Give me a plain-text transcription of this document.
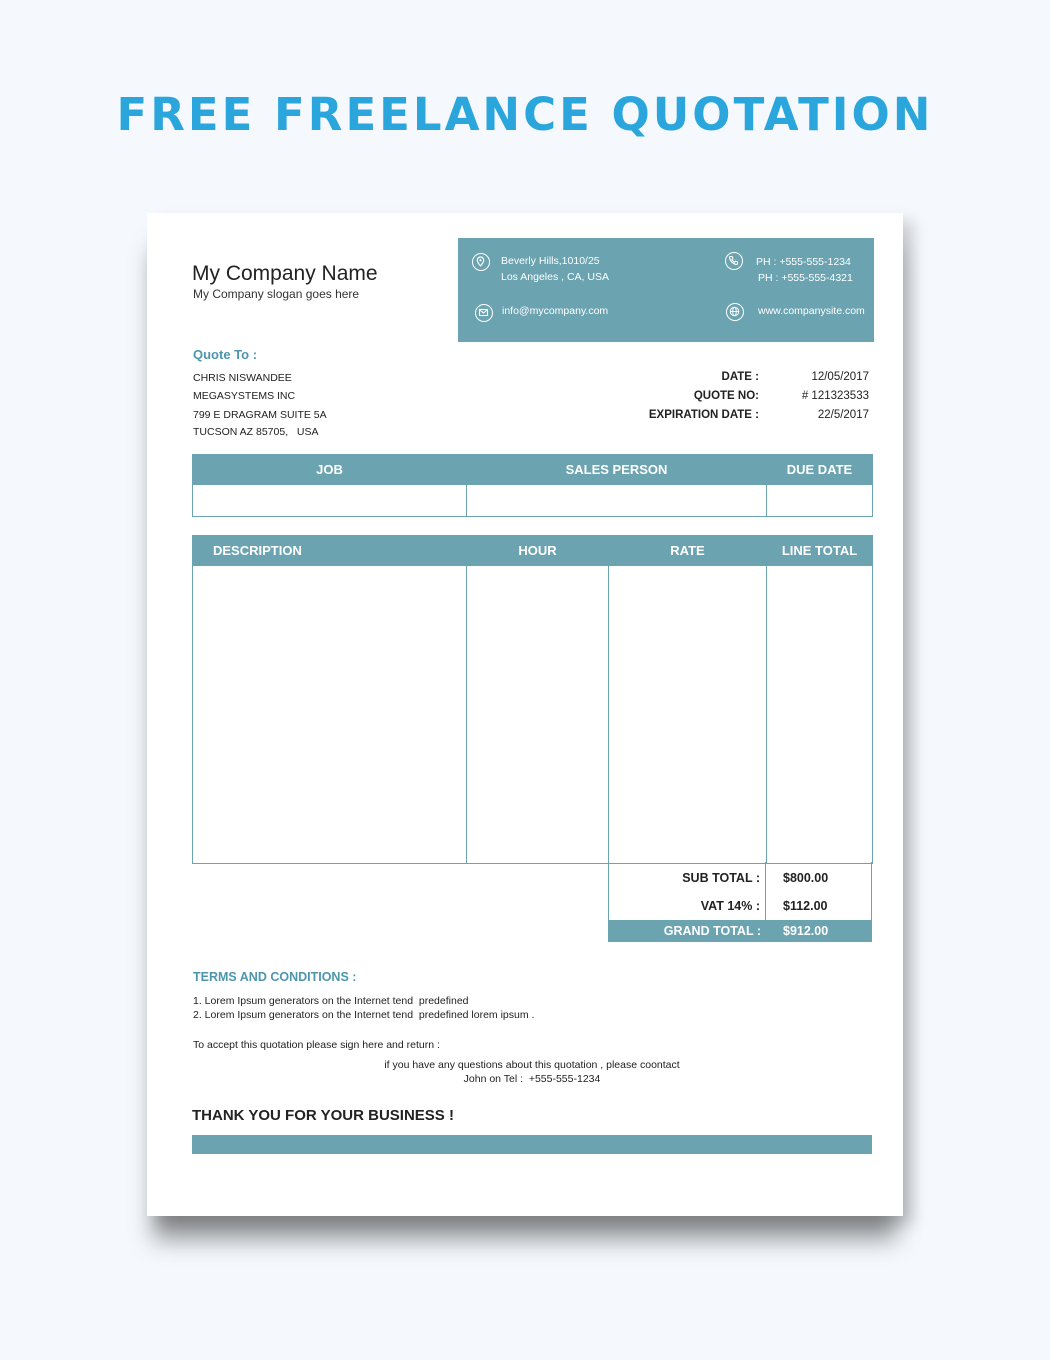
FREE FREELANCE QUOTATION
My Company Name
My Company slogan goes here
Beverly Hills,1010/25
Los Angeles , CA, USA
PH : +555-555-1234
PH : +555-555-4321
info@mycompany.com	www.companysite.com
Quote To :
CHRIS NISWANDEE
MEGASYSTEMS INC
799 E DRAGRAM SUITE 5A
TUCSON AZ 85705,   USA
DATE :	12/05/2017
QUOTE NO:	# 121323533
EXPIRATION DATE :	22/5/2017
JOB	SALES PERSON	DUE DATE

DESCRIPTION	HOUR	RATE	LINE TOTAL

SUB TOTAL : $800.00
VAT 14% : $112.00
GRAND TOTAL : $912.00
TERMS AND CONDITIONS :
1. Lorem Ipsum generators on the Internet tend  predefined
2. Lorem Ipsum generators on the Internet tend  predefined lorem ipsum .
To accept this quotation please sign here and return :
if you have any questions about this quotation , please coontact
John on Tel :  +555-555-1234
THANK YOU FOR YOUR BUSINESS !
